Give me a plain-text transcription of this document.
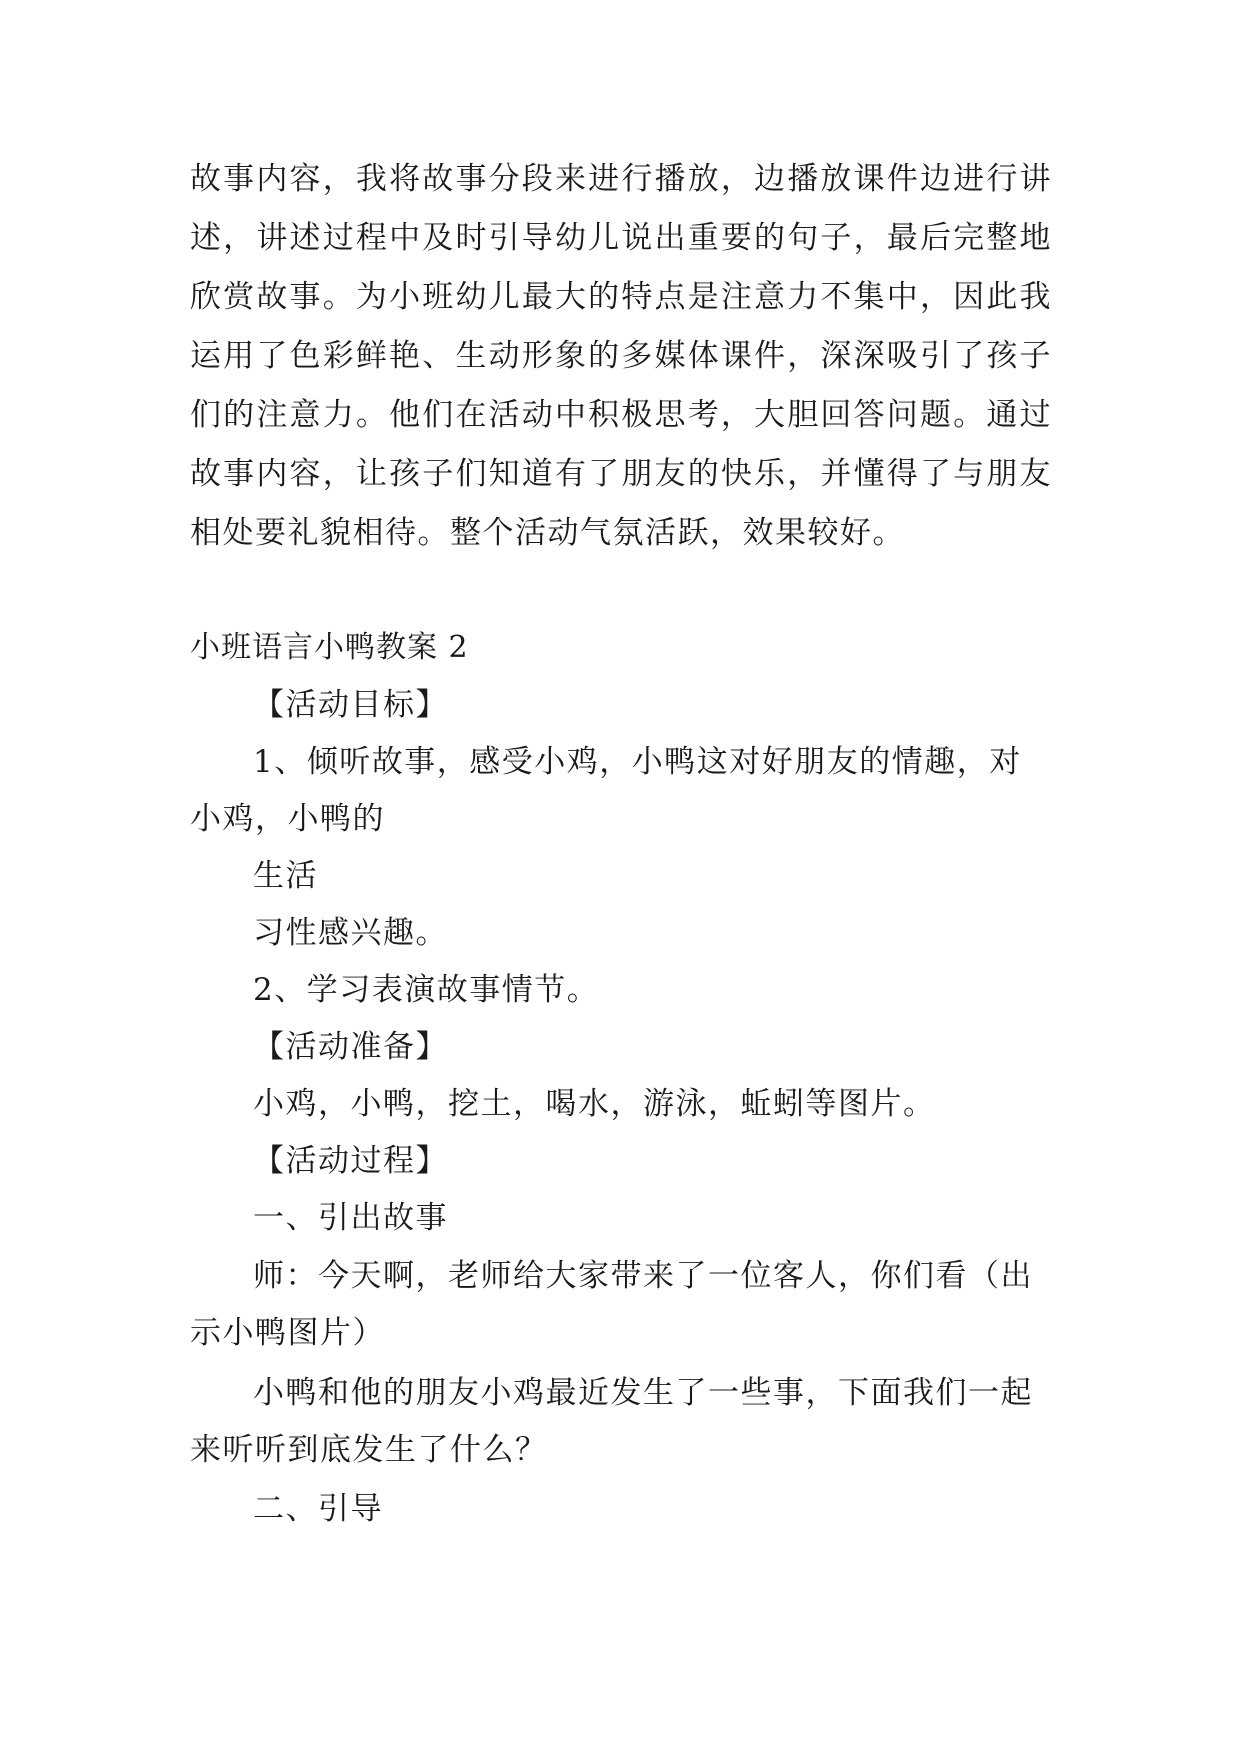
故事内容，我将故事分段来进行播放，边播放课件边进行讲
述，讲述过程中及时引导幼儿说出重要的句子，最后完整地
欣赏故事。为小班幼儿最大的特点是注意力不集中，因此我
运用了色彩鲜艳、生动形象的多媒体课件，深深吸引了孩子
们的注意力。他们在活动中积极思考，大胆回答问题。通过
故事内容，让孩子们知道有了朋友的快乐，并懂得了与朋友
相处要礼貌相待。整个活动气氛活跃，效果较好。

小班语言小鸭教案 2

【活动目标】

1、倾听故事，感受小鸡，小鸭这对好朋友的情趣，对

小鸡，小鸭的

生活

习性感兴趣。

2、学习表演故事情节。

【活动准备】

小鸡，小鸭，挖土，喝水，游泳，蚯蚓等图片。

【活动过程】

一、引出故事

师：今天啊，老师给大家带来了一位客人，你们看（出

示小鸭图片）

小鸭和他的朋友小鸡最近发生了一些事，下面我们一起

来听听到底发生了什么？

二、引导
